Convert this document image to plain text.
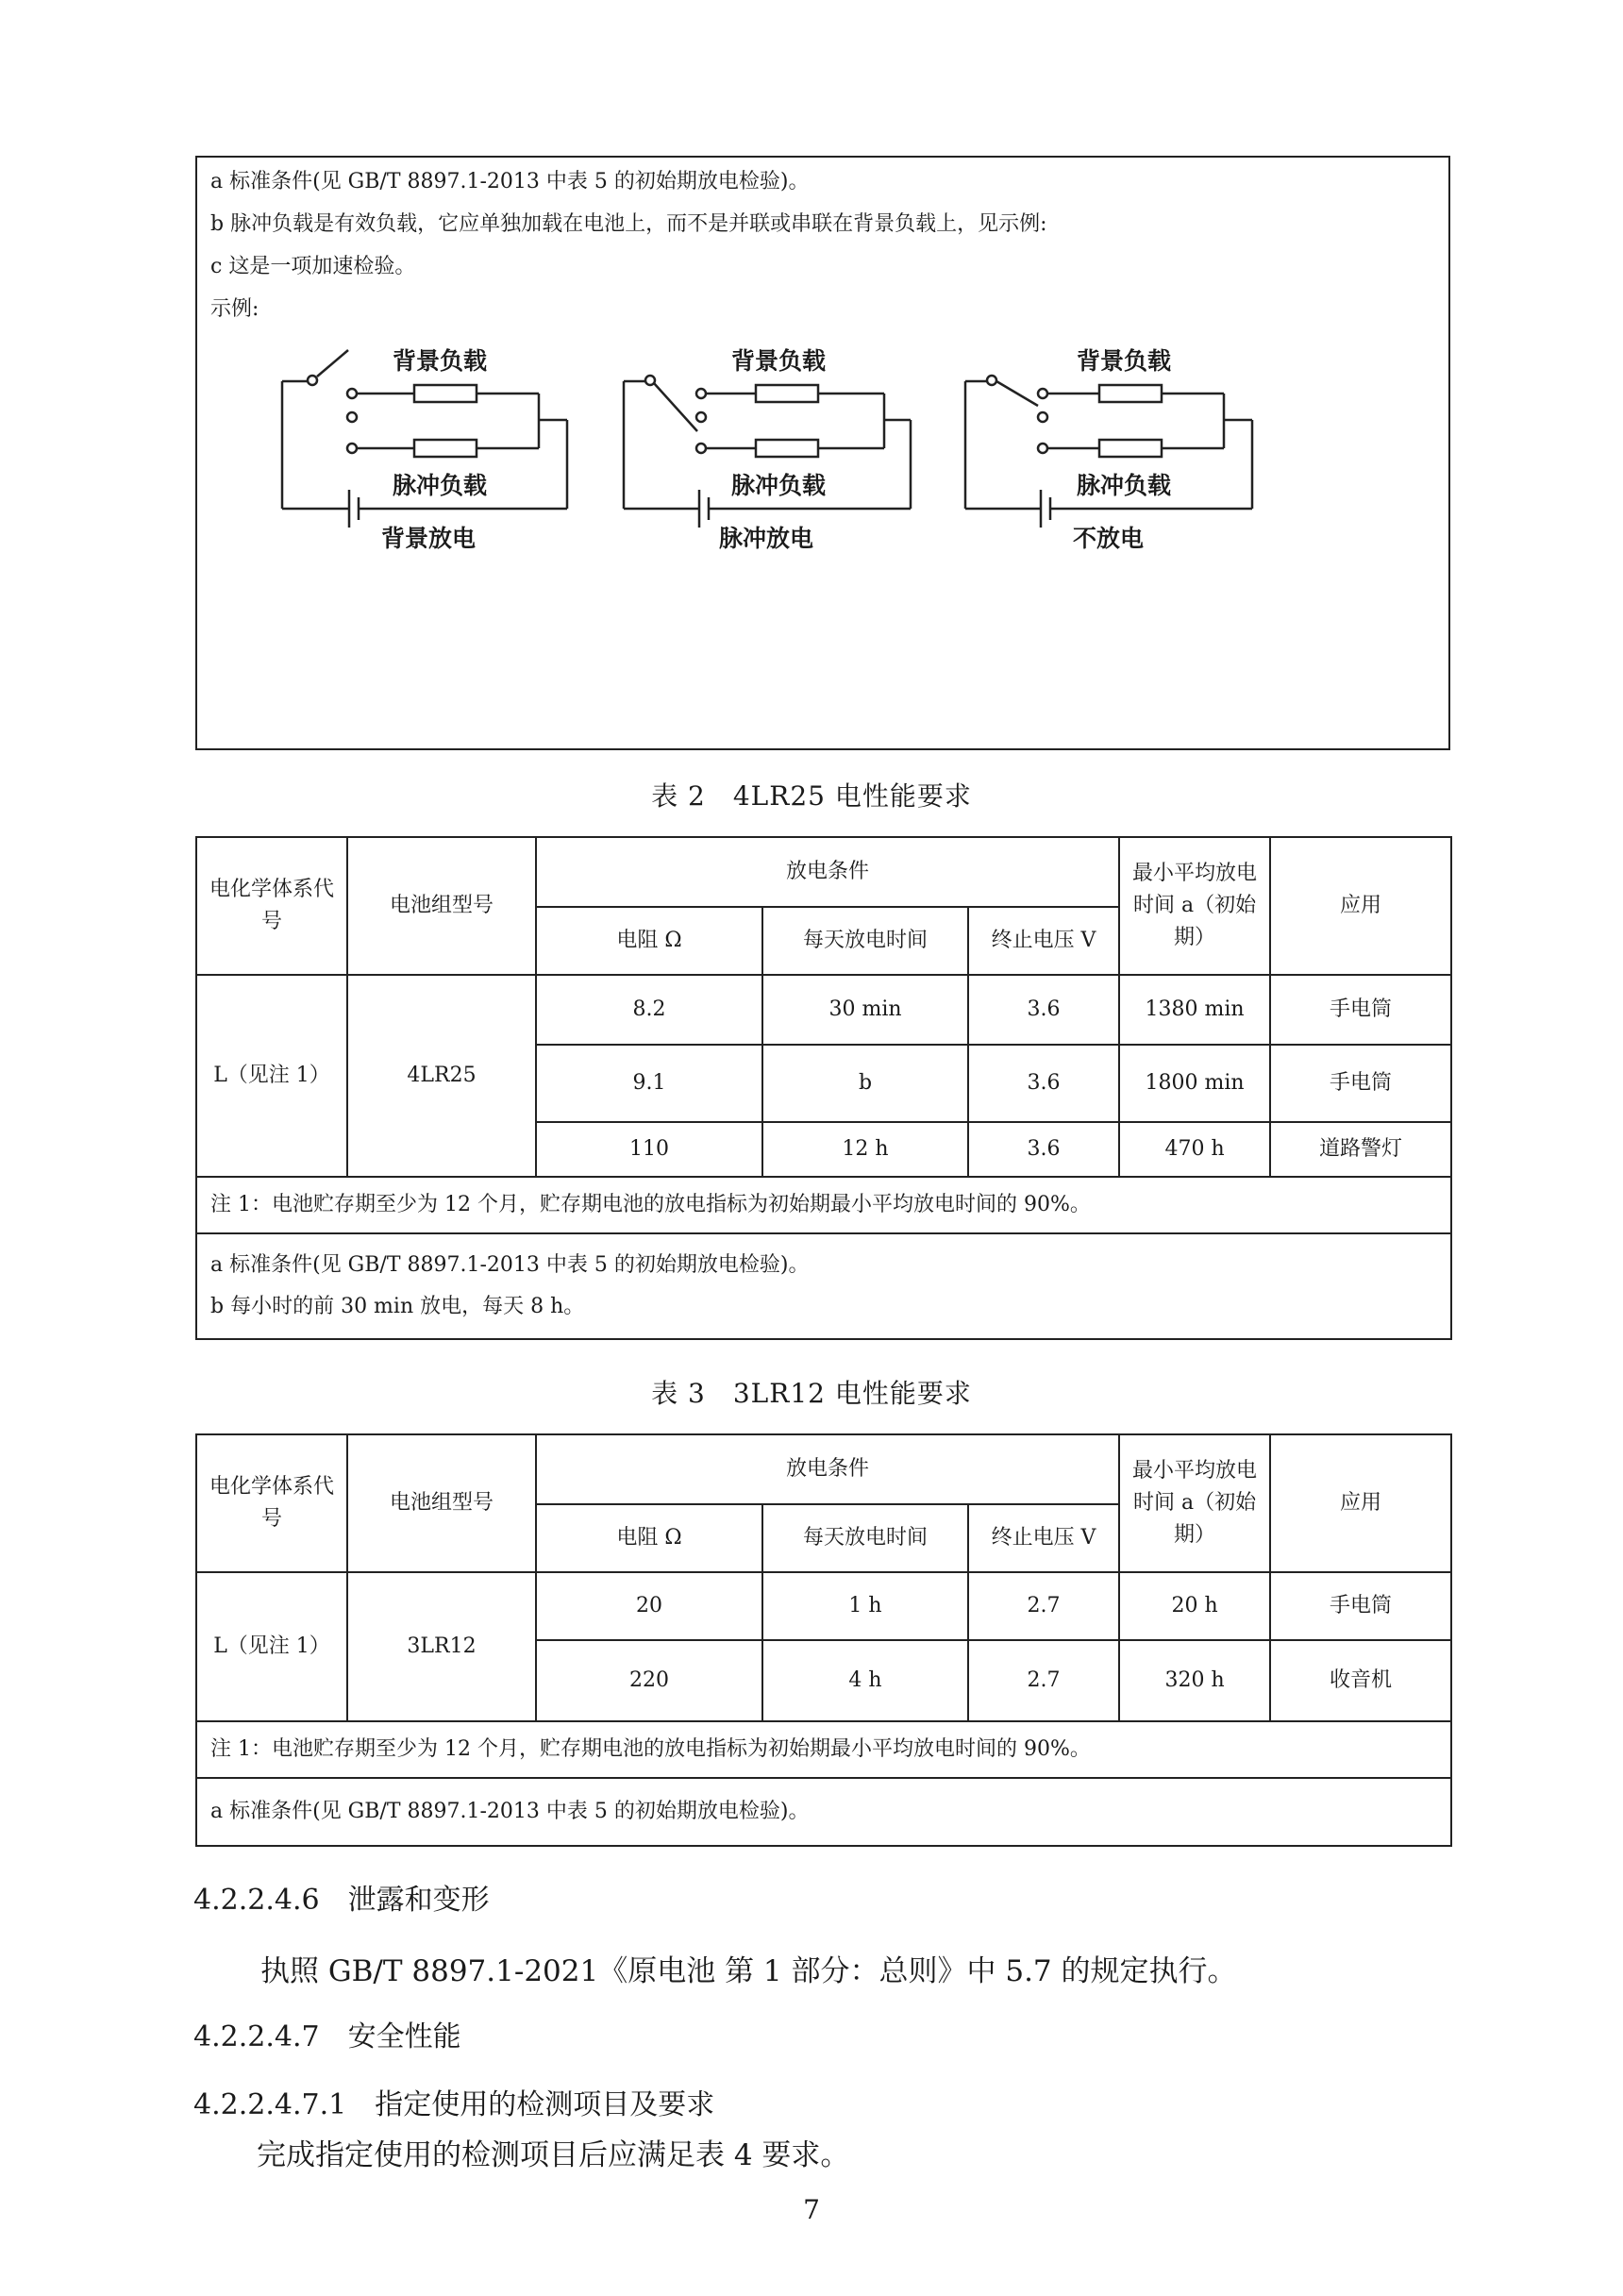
a 标准条件(见 GB/T 8897.1-2013 中表 5 的初始期放电检验)。
b 脉冲负载是有效负载，它应单独加载在电池上，而不是并联或串联在背景负载上，见示例:
c 这是一项加速检验。
示例:
背景负载
脉冲负载
背景放电
背景负载
脉冲负载
脉冲放电
背景负载
脉冲负载
不放电
表 2　4LR25 电性能要求
电化学体系代号	电池组型号	放电条件			最小平均放电时间 a（初始期）	应用
		电阻 Ω	每天放电时间	终止电压 V		
L（见注 1）	4LR25	8.2	30 min	3.6	1380 min	手电筒
		9.1	b	3.6	1800 min	手电筒
		110	12 h	3.6	470 h	道路警灯
注 1：电池贮存期至少为 12 个月，贮存期电池的放电指标为初始期最小平均放电时间的 90%。						

a 标准条件(见 GB/T 8897.1-2013 中表 5 的初始期放电检验)。
b 每小时的前 30 min 放电，每天 8 h。						
表 3　3LR12 电性能要求
电化学体系代号	电池组型号	放电条件			最小平均放电时间 a（初始期）	应用
		电阻 Ω	每天放电时间	终止电压 V		
L（见注 1）	3LR12	20	1 h	2.7	20 h	手电筒
		220	4 h	2.7	320 h	收音机
注 1：电池贮存期至少为 12 个月，贮存期电池的放电指标为初始期最小平均放电时间的 90%。						
a 标准条件(见 GB/T 8897.1-2013 中表 5 的初始期放电检验)。						
4.2.2.4.6　泄露和变形
执照 GB/T 8897.1-2021《原电池 第 1 部分：总则》中 5.7 的规定执行。
4.2.2.4.7　安全性能
4.2.2.4.7.1　指定使用的检测项目及要求
完成指定使用的检测项目后应满足表 4 要求。
7
